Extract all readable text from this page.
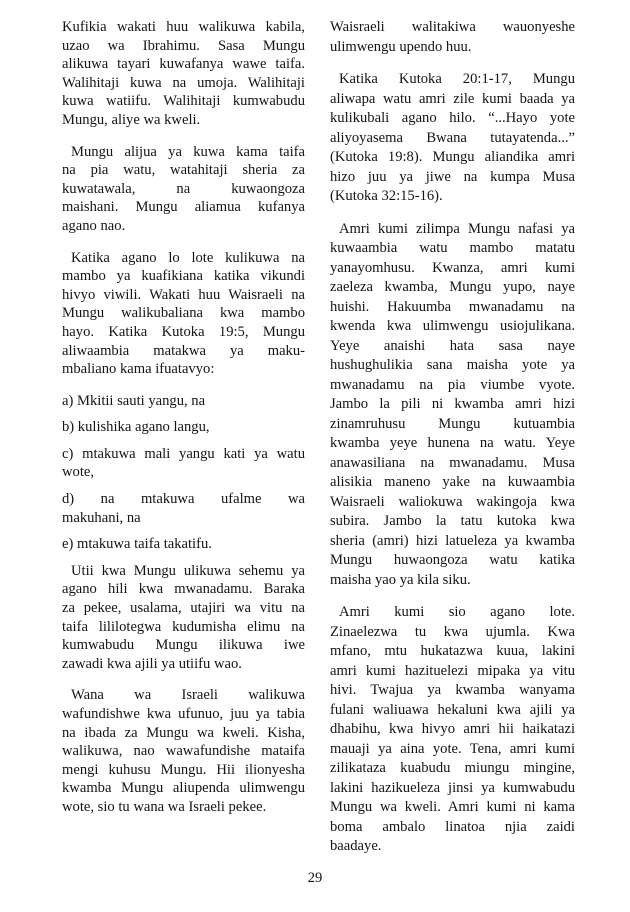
Kufikia wakati huu walikuwa kabila,
uzao wa Ibrahimu. Sasa Mungu
alikuwa tayari kuwafanya wawe taifa.
Walihitaji kuwa na umoja. Walihitaji
kuwa watiifu. Walihitaji kumwabudu
Mungu, aliye wa kweli.
Mungu alijua ya kuwa kama taifa
na pia watu, watahitaji sheria za
kuwatawala, na kuwaongoza
maishani. Mungu aliamua kufanya
agano nao.
Katika agano lo lote kulikuwa na
mambo ya kuafikiana katika vikundi
hivyo viwili. Wakati huu Waisraeli na
Mungu walikubaliana kwa mambo
hayo. Katika Kutoka 19:5, Mungu
aliwaambia matakwa ya maku-
mbaliano kama ifuatavyo:
a) Mkitii sauti yangu, na
b) kulishika agano langu,
c) mtakuwa mali yangu kati ya watu
wote,
d) na mtakuwa ufalme wa
makuhani, na
e) mtakuwa taifa takatifu.
Utii kwa Mungu ulikuwa sehemu ya
agano hili kwa mwanadamu. Baraka
za pekee, usalama, utajiri wa vitu na
taifa lililotegwa kudumisha elimu na
kumwabudu Mungu ilikuwa iwe
zawadi kwa ajili ya utiifu wao.
Wana wa Israeli walikuwa
wafundishwe kwa ufunuo, juu ya tabia
na ibada za Mungu wa kweli. Kisha,
walikuwa, nao wawafundishe mataifa
mengi kuhusu Mungu. Hii ilionyesha
kwamba Mungu aliupenda ulimwengu
wote, sio tu wana wa Israeli pekee.
Waisraeli walitakiwa wauonyeshe
ulimwengu upendo huu.
Katika Kutoka 20:1-17, Mungu
aliwapa watu amri zile kumi baada ya
kulikubali agano hilo. “...Hayo yote
aliyoyasema Bwana tutayatenda...”
(Kutoka 19:8). Mungu aliandika amri
hizo juu ya jiwe na kumpa Musa
(Kutoka 32:15-16).
Amri kumi zilimpa Mungu nafasi ya
kuwaambia watu mambo matatu
yanayomhusu. Kwanza, amri kumi
zaeleza kwamba, Mungu yupo, naye
huishi. Hakuumba mwanadamu na
kwenda kwa ulimwengu usiojulikana.
Yeye anaishi hata sasa naye
hushughulikia sana maisha yote ya
mwanadamu na pia viumbe vyote.
Jambo la pili ni kwamba amri hizi
zinamruhusu Mungu kutuambia
kwamba yeye hunena na watu. Yeye
anawasiliana na mwanadamu. Musa
alisikia maneno yake na kuwaambia
Waisraeli waliokuwa wakingoja kwa
subira. Jambo la tatu kutoka kwa
sheria (amri) hizi latueleza ya kwamba
Mungu huwaongoza watu katika
maisha yao ya kila siku.
Amri kumi sio agano lote.
Zinaelezwa tu kwa ujumla. Kwa
mfano, mtu hukatazwa kuua, lakini
amri kumi hazituelezi mipaka ya vitu
hivi. Twajua ya kwamba wanyama
fulani waliuawa hekaluni kwa ajili ya
dhabihu, kwa hivyo amri hii haikatazi
mauaji ya aina yote. Tena, amri kumi
zilikataza kuabudu miungu mingine,
lakini hazikueleza jinsi ya kumwabudu
Mungu wa kweli. Amri kumi ni kama
boma ambalo linatoa njia zaidi
baadaye.
29
